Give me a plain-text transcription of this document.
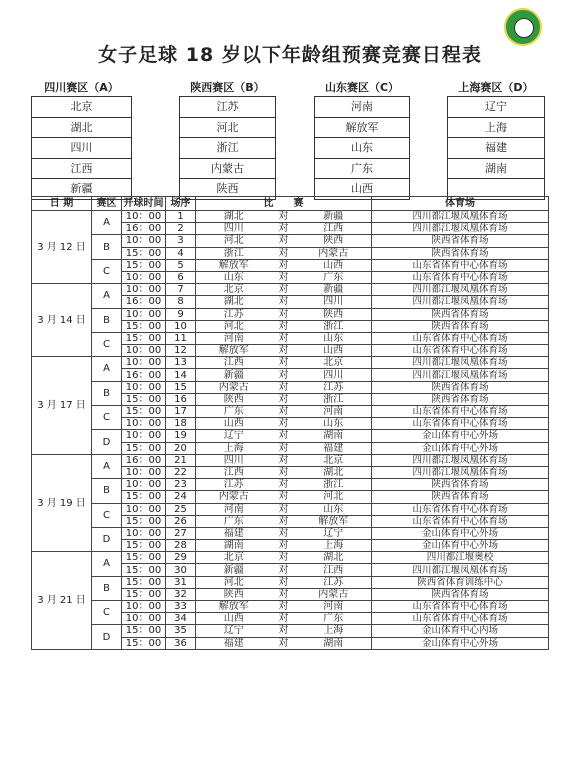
女子足球 18 岁以下年龄组预赛竞赛日程表
四川赛区（A）
北京
湖北
四川
江西
新疆
陕西赛区（B）
江苏
河北
浙江
内蒙古
陕西
山东赛区（C）
河南
解放军
山东
广东
山西
上海赛区（D）
辽宁
上海
福建
湖南
日 期	赛区	开球时间	场序	比　　赛			体育场
3 月 12 日	A	10：00	1	湖北	对	新疆	四川都江堰凤凰体育场
		16：00	2	四川	对	江西	四川都江堰凤凰体育场
	B	10：00	3	河北	对	陕西	陕西省体育场
		15：00	4	浙江	对	内蒙古	陕西省体育场
	C	15：00	5	解放军	对	山西	山东省体育中心体育场
		10：00	6	山东	对	广东	山东省体育中心体育场
3 月 14 日	A	10：00	7	北京	对	新疆	四川都江堰凤凰体育场
		16：00	8	湖北	对	四川	四川都江堰凤凰体育场
	B	10：00	9	江苏	对	陕西	陕西省体育场
		15：00	10	河北	对	浙江	陕西省体育场
	C	15：00	11	河南	对	山东	山东省体育中心体育场
		10：00	12	解放军	对	山西	山东省体育中心体育场
3 月 17 日	A	10：00	13	江西	对	北京	四川都江堰凤凰体育场
		16：00	14	新疆	对	四川	四川都江堰凤凰体育场
	B	10：00	15	内蒙古	对	江苏	陕西省体育场
		15：00	16	陕西	对	浙江	陕西省体育场
	C	15：00	17	广东	对	河南	山东省体育中心体育场
		10：00	18	山西	对	山东	山东省体育中心体育场
	D	10：00	19	辽宁	对	湖南	金山体育中心外场
		15：00	20	上海	对	福建	金山体育中心外场
3 月 19 日	A	16：00	21	四川	对	北京	四川都江堰凤凰体育场
		10：00	22	江西	对	湖北	四川都江堰凤凰体育场
	B	10：00	23	江苏	对	浙江	陕西省体育场
		15：00	24	内蒙古	对	河北	陕西省体育场
	C	10：00	25	河南	对	山东	山东省体育中心体育场
		15：00	26	广东	对	解放军	山东省体育中心体育场
	D	10：00	27	福建	对	辽宁	金山体育中心外场
		15：00	28	湖南	对	上海	金山体育中心外场
3 月 21 日	A	15：00	29	北京	对	湖北	四川都江堰奥校
		15：00	30	新疆	对	江西	四川都江堰凤凰体育场
	B	15：00	31	河北	对	江苏	陕西省体育训练中心
		15：00	32	陕西	对	内蒙古	陕西省体育场
	C	10：00	33	解放军	对	河南	山东省体育中心体育场
		10：00	34	山西	对	广东	山东省体育中心体育场
	D	15：00	35	辽宁	对	上海	金山体育中心内场
		15：00	36	福建	对	湖南	金山体育中心外场
